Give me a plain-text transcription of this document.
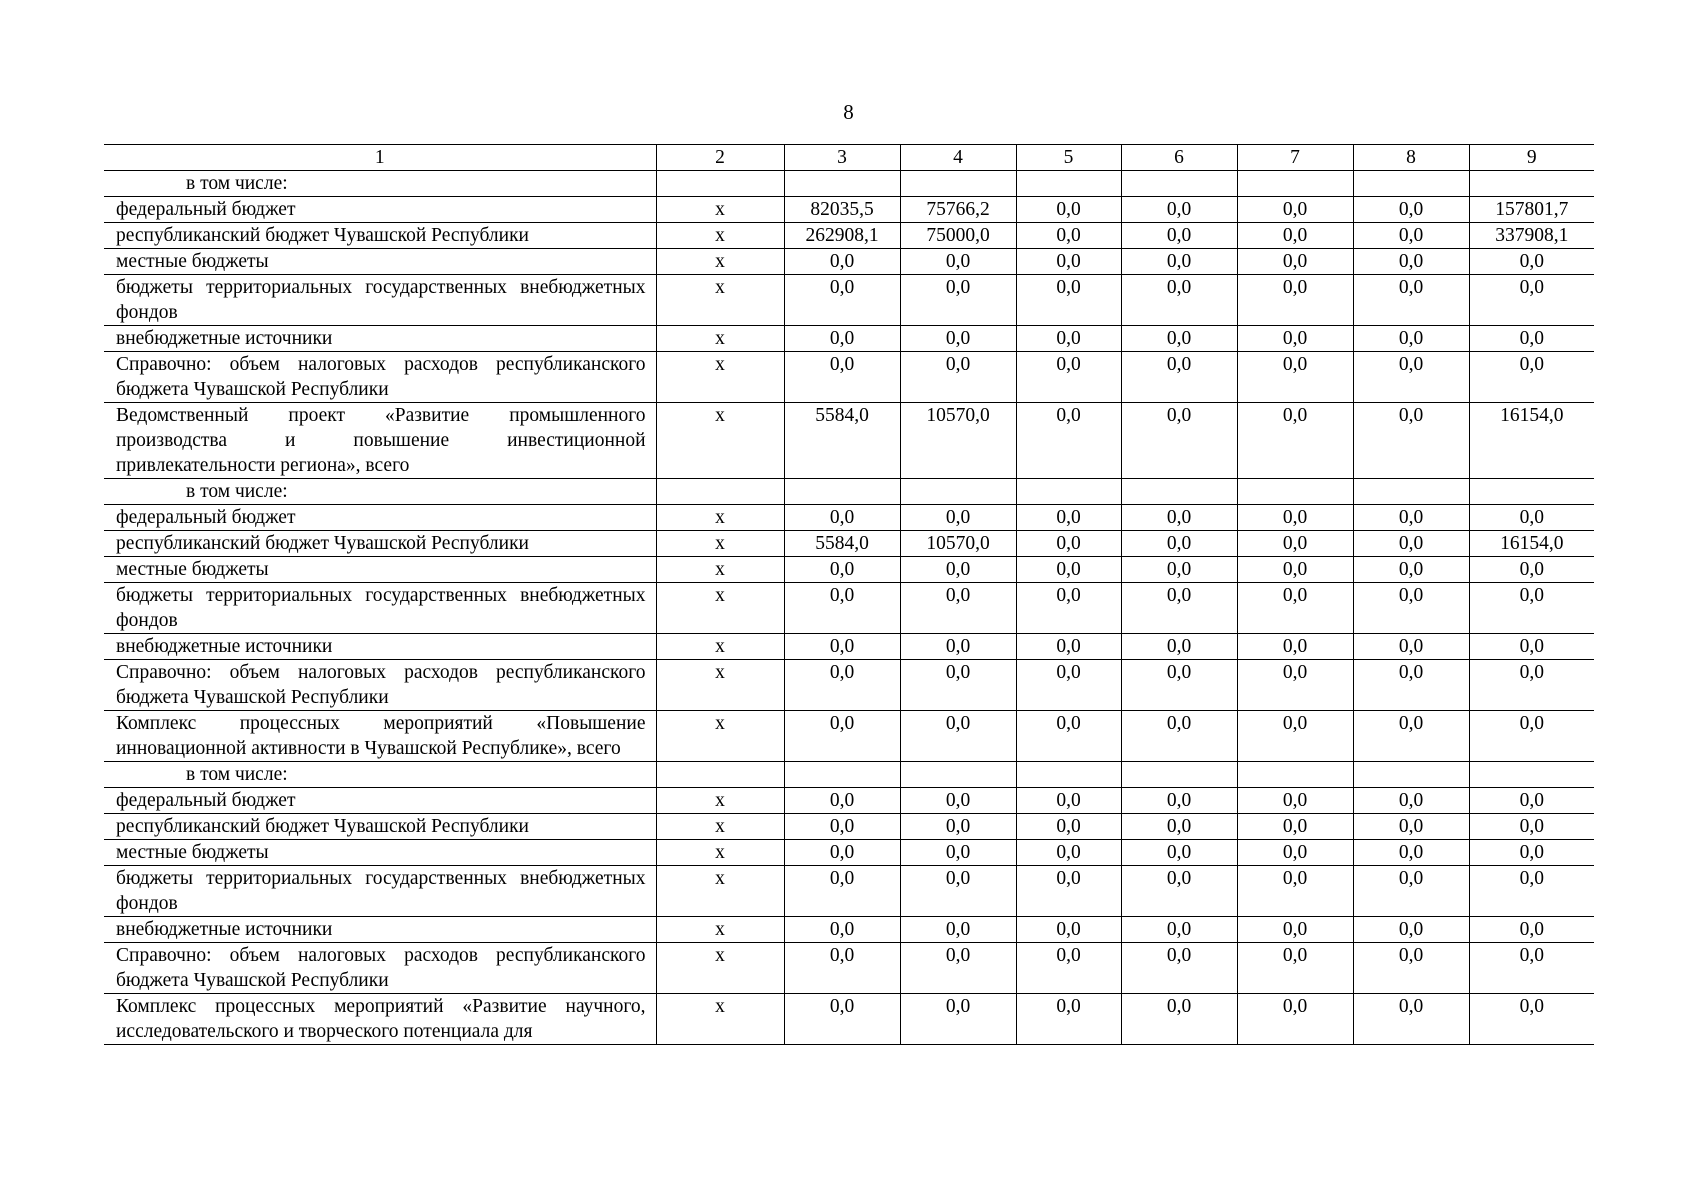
8
1	2	3	4	5	6	7	8	9
в том числе:								
федеральный бюджет	х	82035,5	75766,2	0,0	0,0	0,0	0,0	157801,7
республиканский бюджет Чувашской Республики	х	262908,1	75000,0	0,0	0,0	0,0	0,0	337908,1
местные бюджеты	х	0,0	0,0	0,0	0,0	0,0	0,0	0,0
бюджеты территориальных государственных внебюджетных фондов	х	0,0	0,0	0,0	0,0	0,0	0,0	0,0
внебюджетные источники	х	0,0	0,0	0,0	0,0	0,0	0,0	0,0
Справочно: объем налоговых расходов республиканского бюджета Чувашской Республики	х	0,0	0,0	0,0	0,0	0,0	0,0	0,0
Ведомственный проект «Развитие промышленного производства и повышение инвестиционной привлекательности региона», всего	х	5584,0	10570,0	0,0	0,0	0,0	0,0	16154,0
в том числе:								
федеральный бюджет	х	0,0	0,0	0,0	0,0	0,0	0,0	0,0
республиканский бюджет Чувашской Республики	х	5584,0	10570,0	0,0	0,0	0,0	0,0	16154,0
местные бюджеты	х	0,0	0,0	0,0	0,0	0,0	0,0	0,0
бюджеты территориальных государственных внебюджетных фондов	х	0,0	0,0	0,0	0,0	0,0	0,0	0,0
внебюджетные источники	х	0,0	0,0	0,0	0,0	0,0	0,0	0,0
Справочно: объем налоговых расходов республиканского бюджета Чувашской Республики	х	0,0	0,0	0,0	0,0	0,0	0,0	0,0
Комплекс процессных мероприятий «Повышение инновационной активности в Чувашской Республике», всего	х	0,0	0,0	0,0	0,0	0,0	0,0	0,0
в том числе:								
федеральный бюджет	х	0,0	0,0	0,0	0,0	0,0	0,0	0,0
республиканский бюджет Чувашской Республики	х	0,0	0,0	0,0	0,0	0,0	0,0	0,0
местные бюджеты	х	0,0	0,0	0,0	0,0	0,0	0,0	0,0
бюджеты территориальных государственных внебюджетных фондов	х	0,0	0,0	0,0	0,0	0,0	0,0	0,0
внебюджетные источники	х	0,0	0,0	0,0	0,0	0,0	0,0	0,0
Справочно: объем налоговых расходов республиканского бюджета Чувашской Республики	х	0,0	0,0	0,0	0,0	0,0	0,0	0,0
Комплекс процессных мероприятий «Развитие научного, исследовательского и творческого потенциала для	х	0,0	0,0	0,0	0,0	0,0	0,0	0,0
